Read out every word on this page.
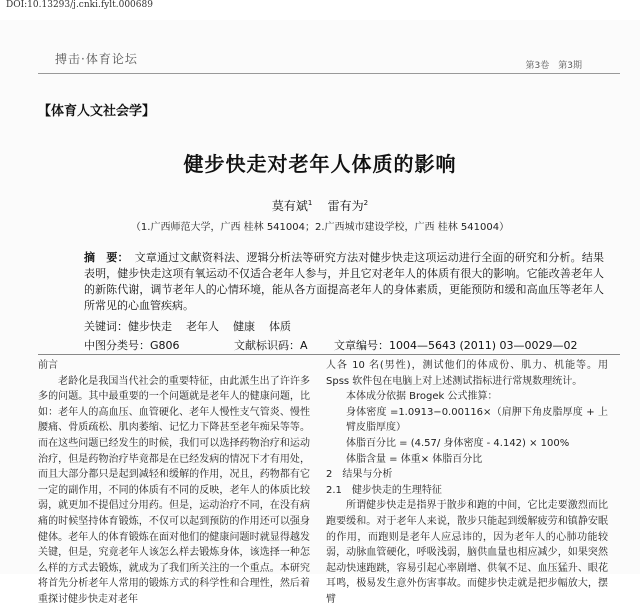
DOI:10.13293/j.cnki.fylt.000689
搏击·体育论坛	第3卷　第3期
【体育人文社会学】
健步快走对老年人体质的影响
莫有斌$^1$ 雷有为$^2$
（1.广西师范大学，广西 桂林 541004；2.广西城市建设学校，广西 桂林 541004）
摘　要： 文章通过文献资料法、逻辑分析法等研究方法对健步快走这项运动进行全面的研究和分析。结果表明，健步快走这项有氧运动不仅适合老年人参与，并且它对老年人的体质有很大的影响。它能改善老年人的新陈代谢，调节老年人的心情环境，能从各方面提高老年人的身体素质，更能预防和缓和高血压等老年人所常见的心血管疾病。
关键词：健步快走 老年人 健康 体质
中图分类号：G806	文献标识码：A 文章编号：1004—5643 (2011) 03—0029—02

前言

老龄化是我国当代社会的重要特征，由此派生出了许许多多的问题。其中最重要的一个问题就是老年人的健康问题，比如：老年人的高血压、血管硬化、老年人慢性支气管炎、慢性腰痛、骨质疏松、肌肉萎缩、记忆力下降甚至老年痴呆等等。而在这些问题已经发生的时候，我们可以选择药物治疗和运动治疗，但是药物治疗毕竟都是在已经发病的情况下才有用处，而且大部分都只是起到减轻和缓解的作用，况且，药物都有它一定的副作用，不同的体质有不同的反映，老年人的体质比较弱，就更加不提倡过分用药。但是，运动治疗不同，在没有病痛的时候坚持体育锻炼，不仅可以起到预防的作用还可以强身健体。老年人的体育锻炼在面对他们的健康问题时就显得越发关键，但是，究竟老年人该怎么样去锻炼身体，该选择一种怎么样的方式去锻炼，就成为了我们所关注的一个重点。本研究将首先分析老年人常用的锻炼方式的科学性和合理性，然后着重探讨健步快走对老年

人各 10 名(男性)，测试他们的体成份、肌力、机能等。用 Spss 软件包在电脑上对上述测试指标进行常规数理统计。

本体成分依据 Brogek 公式推算：

身体密度 =1.0913−0.00116×（肩胛下角皮脂厚度 + 上臂皮脂厚度）

体脂百分比 = (4.57/ 身体密度 - 4.142) × 100%

体脂含量 = 体重× 体脂百分比

2　结果与分析

2.1　健步快走的生理特征

所谓健步快走是指界于散步和跑的中间，它比走要激烈而比跑要缓和。对于老年人来说，散步只能起到缓解疲劳和镇静安眠的作用，而跑则是老年人应忌讳的，因为老年人的心肺功能较弱，动脉血管硬化，呼吸浅弱，脑供血量也相应减少，如果突然起动快速跑跳，容易引起心率剧增、供氧不足、血压猛升、眼花耳鸣，极易发生意外伤害事故。而健步快走就是把步幅放大，摆臂
